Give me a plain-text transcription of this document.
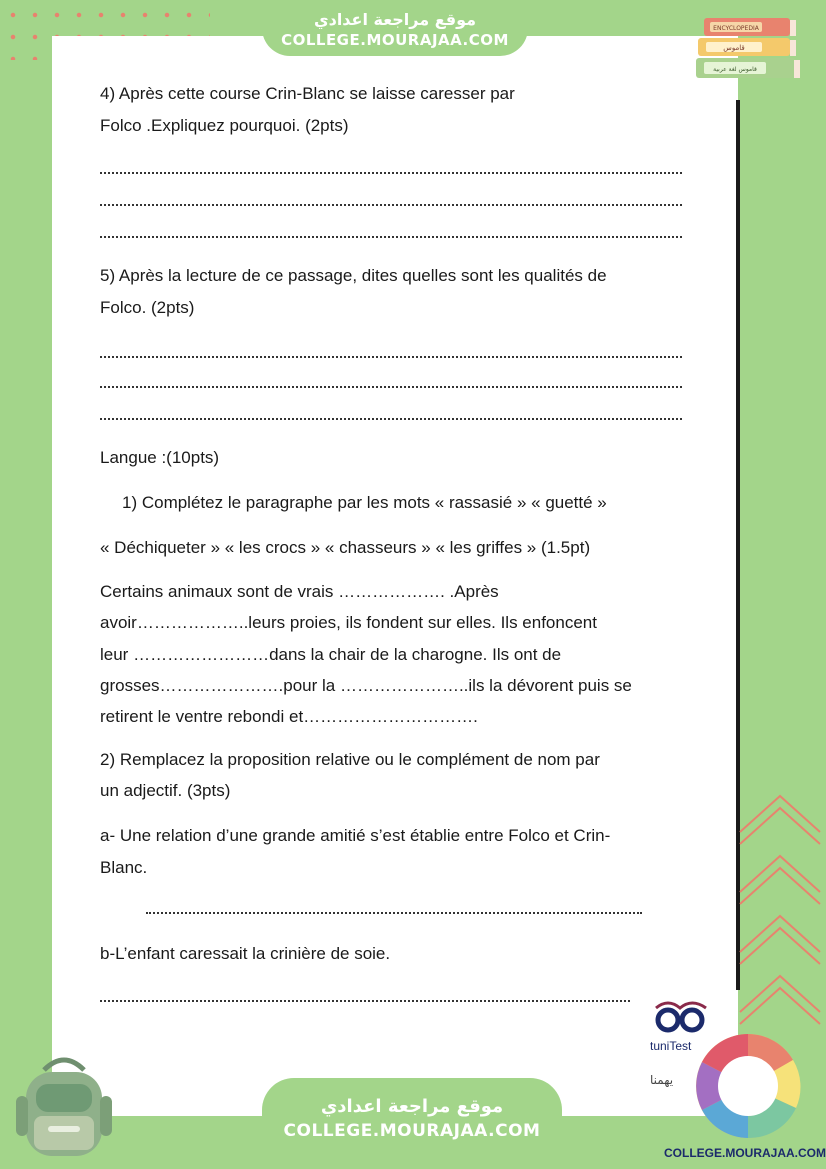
موقع مراجعة اعدادي
COLLEGE.MOURAJAA.COM
ENCYCLOPEDIA
قاموس
قاموس لغة عربية
4) Après cette course Crin-Blanc se laisse caresser par
Folco .Expliquez pourquoi. (2pts)
5) Après la lecture de ce passage, dites quelles sont les qualités de
Folco. (2pts)
Langue :(10pts)
1) Complétez le paragraphe par les mots « rassasié » « guetté »
« Déchiqueter » « les crocs » « chasseurs » « les griffes » (1.5pt)
Certains animaux sont de vrais ………………. .Après
avoir………………..leurs proies, ils fondent sur elles. Ils enfoncent
leur ……………………dans la chair de la charogne. Ils ont de
grosses………………….pour la …………………..ils la dévorent puis se
retirent le ventre rebondi et………………………….
2) Remplacez la proposition relative ou le complément de nom par
un adjectif. (3pts)
a- Une relation d’une grande amitié s’est établie entre Folco et Crin-
Blanc.
b-L’enfant caressait la crinière de soie.
tuniTest
يهمنا
COLLEGE.MOURAJAA.COM
موقع مراجعة اعدادي
COLLEGE.MOURAJAA.COM
